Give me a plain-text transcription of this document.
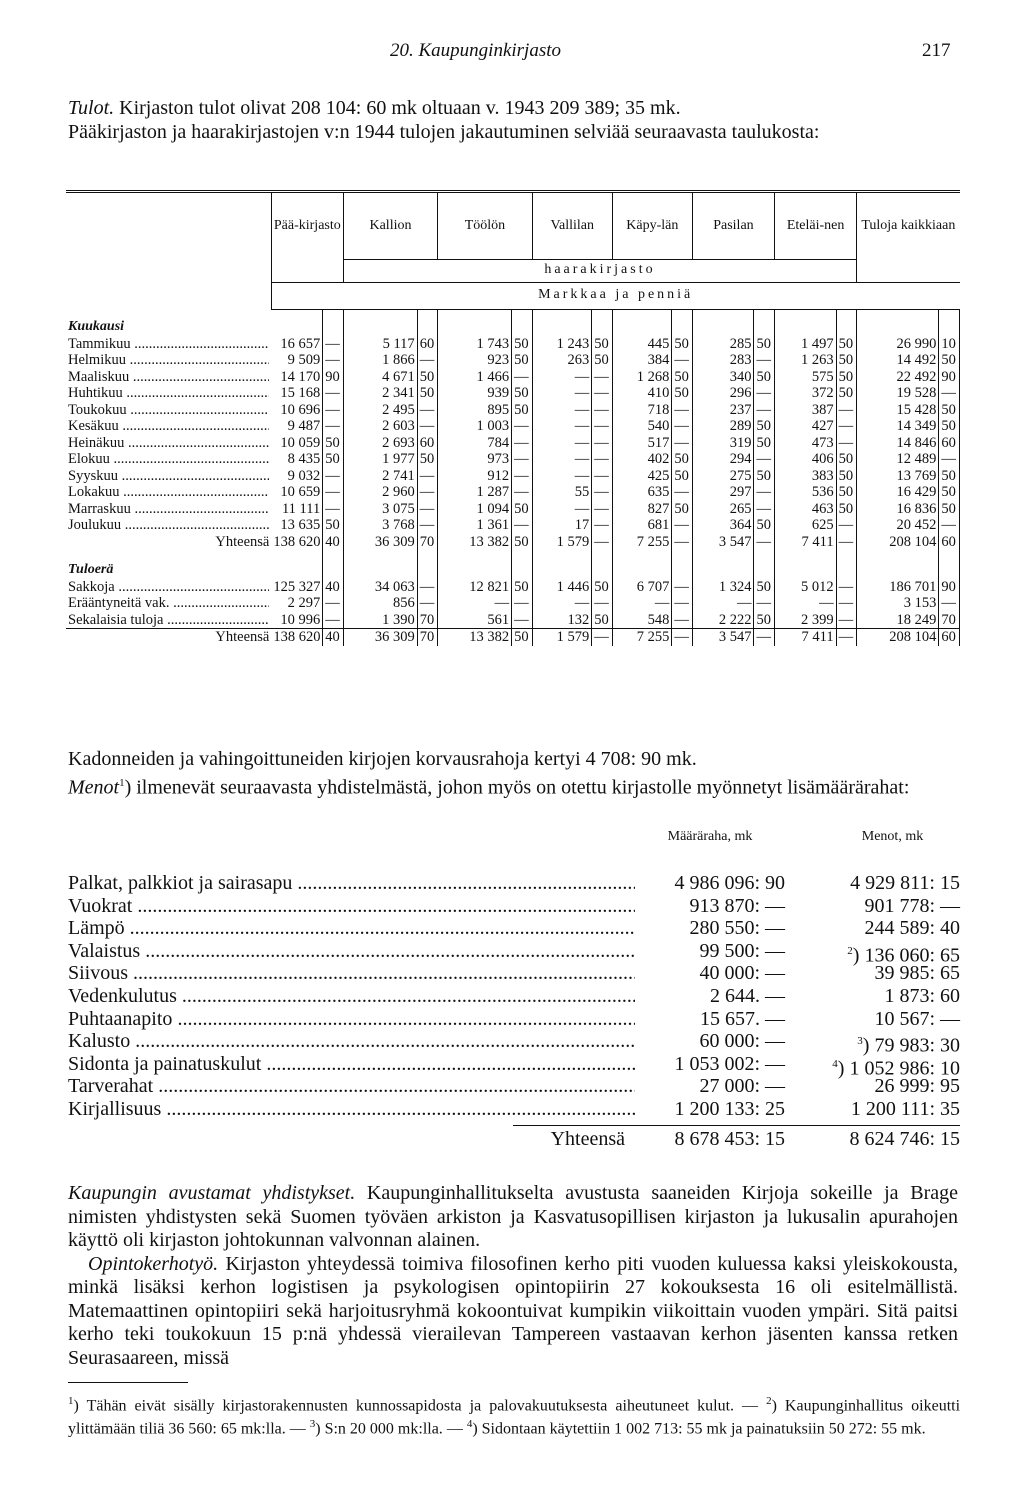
20. Kaupunginkirjasto	217
Tulot. Kirjaston tulot olivat 208 104: 60 mk oltuaan v. 1943 209 389; 35 mk.
Pääkirjaston ja haarakirjastojen v:n 1944 tulojen jakautuminen selviää seuraavasta taulukosta:
	Pää-kirjasto		Kallion		Töölön		Vallilan		Käpy-län		Pasilan		Eteläi-nen		Tuloja kaikkiaan	
			haarakirjasto													
	Markkaa ja penniä															
Kuukausi																

Tammikuu .....	16 657	—	5 117	60	1 743	50	1 243	50	445	50	285	50	1 497	50	26 990	10

Helmikuu .....	9 509	—	1 866	—	923	50	263	50	384	—	283	—	1 263	50	14 492	50

Maaliskuu .....	14 170	90	4 671	50	1 466	—	—	—	1 268	50	340	50	575	50	22 492	90

Huhtikuu .....	15 168	—	2 341	50	939	50	—	—	410	50	296	—	372	50	19 528	—

Toukokuu .....	10 696	—	2 495	—	895	50	—	—	718	—	237	—	387	—	15 428	50

Kesäkuu .....	9 487	—	2 603	—	1 003	—	—	—	540	—	289	50	427	—	14 349	50

Heinäkuu .....	10 059	50	2 693	60	784	—	—	—	517	—	319	50	473	—	14 846	60

Elokuu .....	8 435	50	1 977	50	973	—	—	—	402	50	294	—	406	50	12 489	—

Syyskuu .....	9 032	—	2 741	—	912	—	—	—	425	50	275	50	383	50	13 769	50

Lokakuu .....	10 659	—	2 960	—	1 287	—	55	—	635	—	297	—	536	50	16 429	50

Marraskuu .....	11 111	—	3 075	—	1 094	50	—	—	827	50	265	—	463	50	16 836	50

Joulukuu .....	13 635	50	3 768	—	1 361	—	17	—	681	—	364	50	625	—	20 452	—
Yhteensä	138 620	40	36 309	70	13 382	50	1 579	—	7 255	—	3 547	—	7 411	—	208 104	60
Tuloerä																

Sakkoja .....	125 327	40	34 063	—	12 821	50	1 446	50	6 707	—	1 324	50	5 012	—	186 701	90

Erääntyneitä vak. .....	2 297	—	856	—	—	—	—	—	—	—	—	—	—	—	3 153	—

Sekalaisia tuloja .....	10 996	—	1 390	70	561	—	132	50	548	—	2 222	50	2 399	—	18 249	70
Yhteensä	138 620	40	36 309	70	13 382	50	1 579	—	7 255	—	3 547	—	7 411	—	208 104	60
Kadonneiden ja vahingoittuneiden kirjojen korvausrahoja kertyi 4 708: 90 mk.
Menot$^1$) ilmenevät seuraavasta yhdistelmästä, johon myös on otettu kirjastolle myönnetyt lisämäärärahat:
Määräraha, mk	Menot, mk
Palkat, palkkiot ja sairasapu .....	4 986 096: 90	4 929 811: 15
Vuokrat .....	913 870: —	901 778: —
Lämpö .....	280 550: —	244 589: 40
Valaistus .....	99 500: —	$^2$) 136 060: 65
Siivous .....	40 000: —	39 985: 65
Vedenkulutus .....	2 644. —	1 873: 60
Puhtaanapito .....	15 657. —	10 567: —
Kalusto .....	60 000: —	$^3$) 79 983: 30
Sidonta ja painatuskulut .....	1 053 002: —	$^4$) 1 052 986: 10
Tarverahat .....	27 000: —	26 999: 95
Kirjallisuus .....	1 200 133: 25	1 200 111: 35
Yhteensä	8 678 453: 15	8 624 746: 15
Kaupungin avustamat yhdistykset. Kaupunginhallitukselta avustusta saaneiden Kirjoja sokeille ja Brage nimisten yhdistysten sekä Suomen työväen arkiston ja Kasvatusopillisen kirjaston ja lukusalin apurahojen käyttö oli kirjaston johtokunnan valvonnan alainen.
Opintokerhotyö. Kirjaston yhteydessä toimiva filosofinen kerho piti vuoden kuluessa kaksi yleiskokousta, minkä lisäksi kerhon logistisen ja psykologisen opintopiirin 27 kokouksesta 16 oli esitelmällistä. Matemaattinen opintopiiri sekä harjoitusryhmä kokoontuivat kumpikin viikoittain vuoden ympäri. Sitä paitsi kerho teki toukokuun 15 p:nä yhdessä vierailevan Tampereen vastaavan kerhon jäsenten kanssa retken Seurasaareen, missä
$^1$) Tähän eivät sisälly kirjastorakennusten kunnossapidosta ja palovakuutuksesta aiheutuneet kulut. — $^2$) Kaupunginhallitus oikeutti ylittämään tiliä 36 560: 65 mk:lla. — $^3$) S:n 20 000 mk:lla. — $^4$) Sidontaan käytettiin 1 002 713: 55 mk ja painatuksiin 50 272: 55 mk.
